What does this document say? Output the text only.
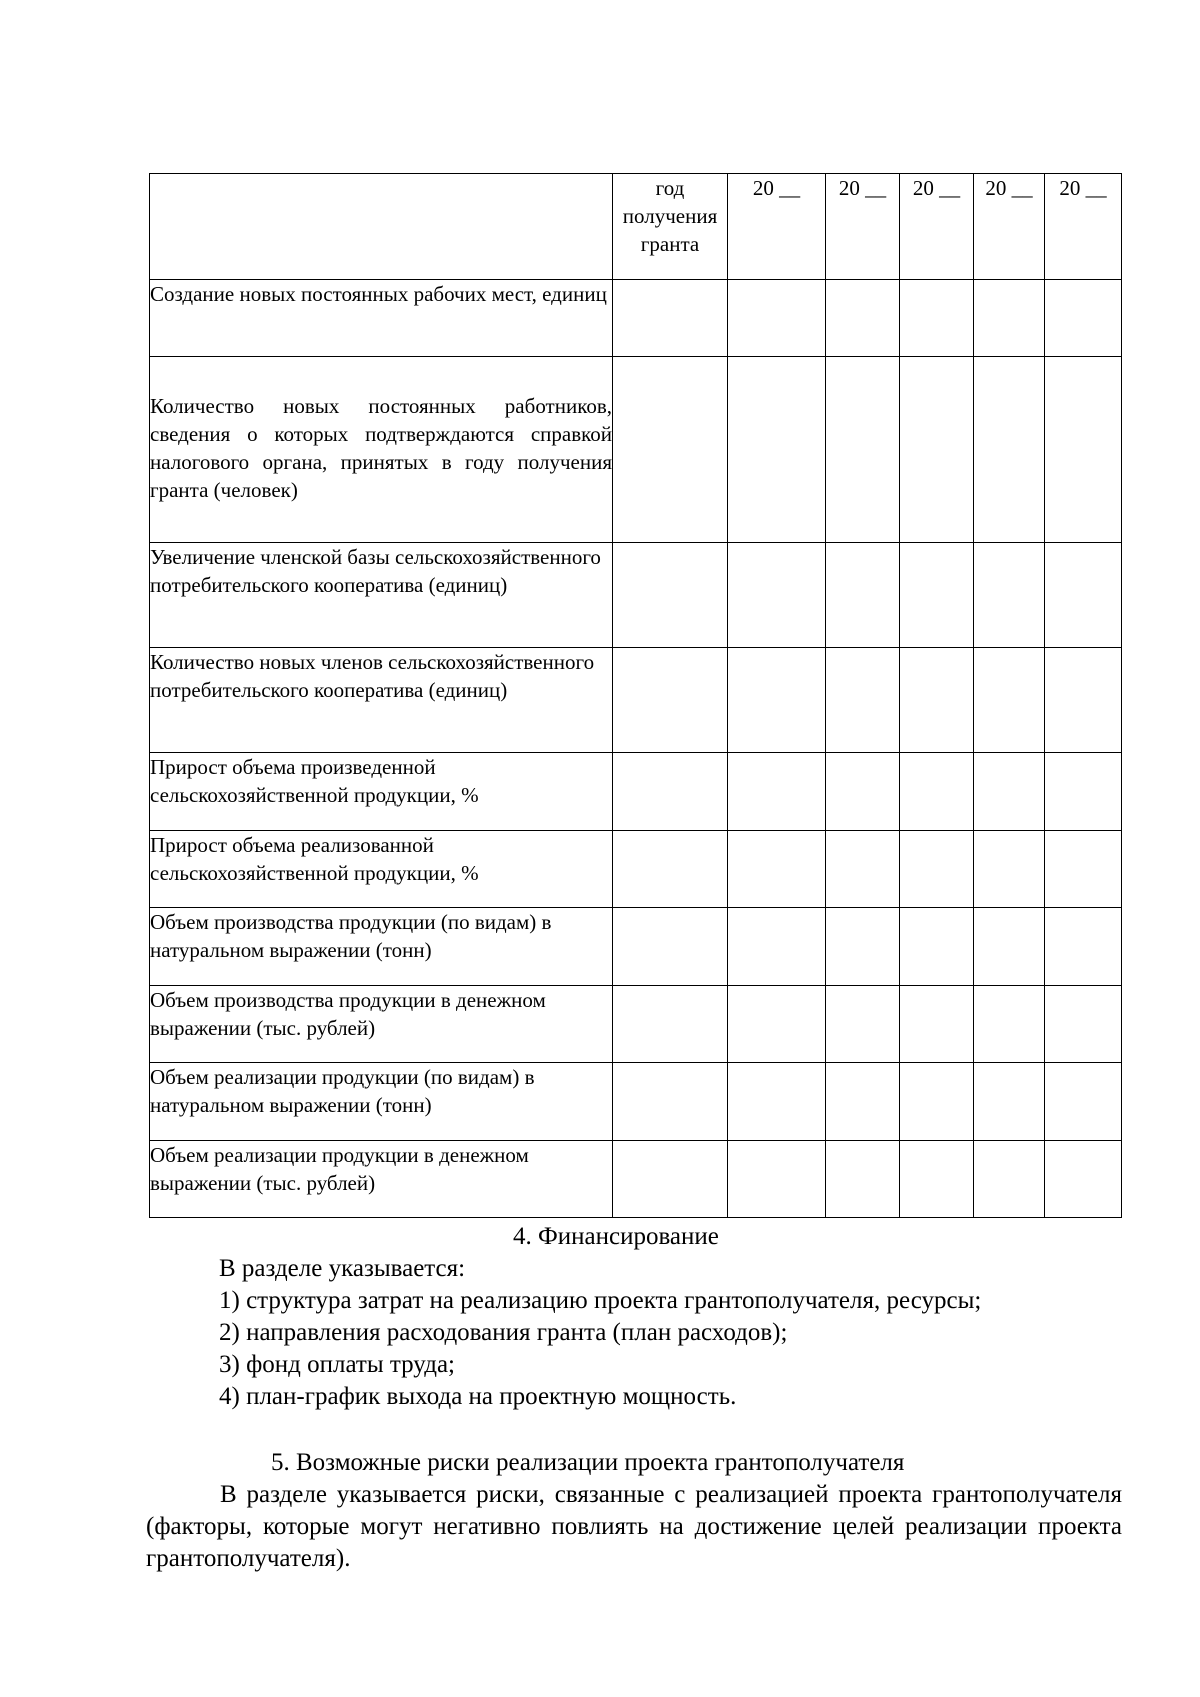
	год
получения
гранта	20 __	20 __	20 __	20 __	20 __
Создание новых постоянных рабочих мест, единиц						
Количество новых постоянных работников, сведения о которых подтверждаются справкой налогового органа, принятых в году получения гранта (человек)						
Увеличение членской базы сельскохозяйственного потребительского кооператива (единиц)						
Количество новых членов сельскохозяйственного потребительского кооператива (единиц)						
Прирост объема произведенной сельскохозяйственной продукции, %						
Прирост объема реализованной сельскохозяйственной продукции, %						
Объем производства продукции (по видам) в натуральном выражении (тонн)						
Объем производства продукции в денежном выражении (тыс. рублей)						
Объем реализации продукции (по видам) в натуральном выражении (тонн)						
Объем реализации продукции в денежном выражении (тыс. рублей)						
4. Финансирование
В разделе указывается:
1) структура затрат на реализацию проекта грантополучателя, ресурсы;
2) направления расходования гранта (план расходов);
3) фонд оплаты труда;
4) план-график выхода на проектную мощность.
5. Возможные риски реализации проекта грантополучателя
В разделе указывается риски, связанные с реализацией проекта грантополучателя (факторы, которые могут негативно повлиять на достижение целей реализации проекта грантополучателя).
